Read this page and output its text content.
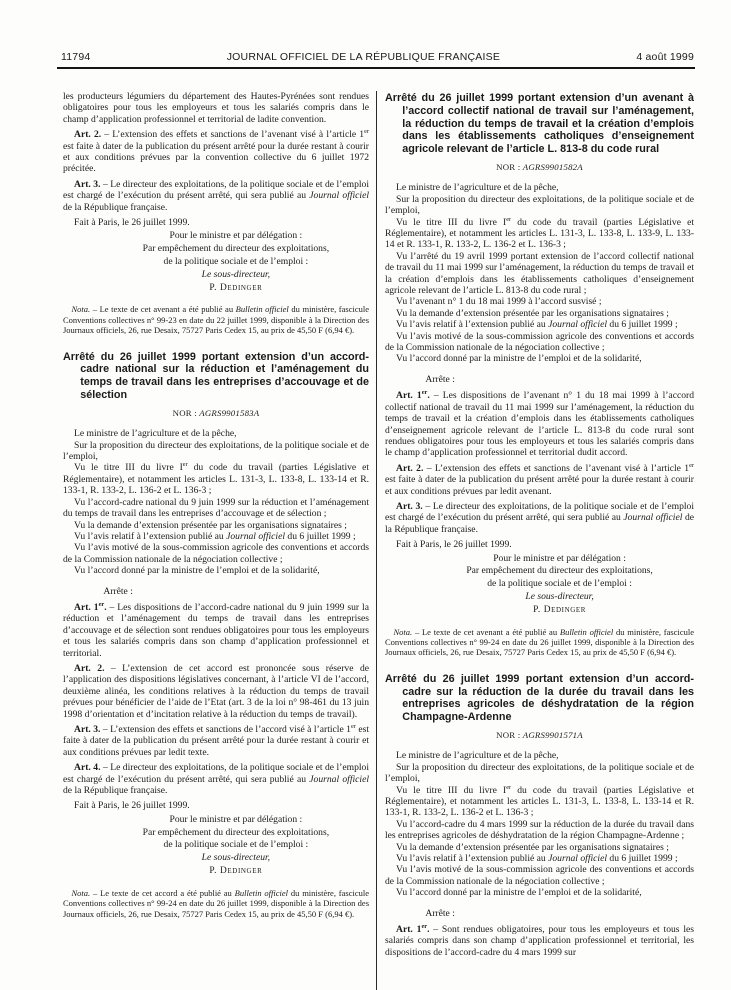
11794	JOURNAL OFFICIEL DE LA RÉPUBLIQUE FRANÇAISE	4 août 1999
les producteurs légumiers du département des Hautes-Pyrénées sont rendues obligatoires pour tous les employeurs et tous les salariés compris dans le champ d’application professionnel et territorial de ladite convention.
Art. 2. – L’extension des effets et sanctions de l’avenant visé à l’article 1er est faite à dater de la publication du présent arrêté pour la durée restant à courir et aux conditions prévues par la convention collective du 6 juillet 1972 précitée.
Art. 3. – Le directeur des exploitations, de la politique sociale et de l’emploi est chargé de l’exécution du présent arrêté, qui sera publié au Journal officiel de la République française.
Fait à Paris, le 26 juillet 1999.
Pour le ministre et par délégation :
Par empêchement du directeur des exploitations,
de la politique sociale et de l’emploi :
Le sous-directeur,
P. Dedinger
Nota. – Le texte de cet avenant a été publié au Bulletin officiel du ministère, fascicule Conventions collectives n° 99-23 en date du 22 juillet 1999, disponible à la Direction des Journaux officiels, 26, rue Desaix, 75727 Paris Cedex 15, au prix de 45,50 F (6,94 €).
Arrêté du 26 juillet 1999 portant extension d’un accord-cadre national sur la réduction et l’aménagement du temps de travail dans les entreprises d’accouvage et de sélection
NOR : AGRS9901583A
Le ministre de l’agriculture et de la pêche,
Sur la proposition du directeur des exploitations, de la politique sociale et de l’emploi,
Vu le titre III du livre Ier du code du travail (parties Législative et Réglementaire), et notamment les articles L. 131-3, L. 133-8, L. 133-14 et R. 133-1, R. 133-2, L. 136-2 et L. 136-3 ;
Vu l’accord-cadre national du 9 juin 1999 sur la réduction et l’aménagement du temps de travail dans les entreprises d’accouvage et de sélection ;
Vu la demande d’extension présentée par les organisations signataires ;
Vu l’avis relatif à l’extension publié au Journal officiel du 6 juillet 1999 ;
Vu l’avis motivé de la sous-commission agricole des conventions et accords de la Commission nationale de la négociation collective ;
Vu l’accord donné par la ministre de l’emploi et de la solidarité,
Arrête :
Art. 1er. – Les dispositions de l’accord-cadre national du 9 juin 1999 sur la réduction et l’aménagement du temps de travail dans les entreprises d’accouvage et de sélection sont rendues obligatoires pour tous les employeurs et tous les salariés compris dans son champ d’application professionnel et territorial.
Art. 2. – L’extension de cet accord est prononcée sous réserve de l’application des dispositions législatives concernant, à l’article VI de l’accord, deuxième alinéa, les conditions relatives à la réduction du temps de travail prévues pour bénéficier de l’aide de l’Etat (art. 3 de la loi n° 98-461 du 13 juin 1998 d’orientation et d’incitation relative à la réduction du temps de travail).
Art. 3. – L’extension des effets et sanctions de l’accord visé à l’article 1er est faite à dater de la publication du présent arrêté pour la durée restant à courir et aux conditions prévues par ledit texte.
Art. 4. – Le directeur des exploitations, de la politique sociale et de l’emploi est chargé de l’exécution du présent arrêté, qui sera publié au Journal officiel de la République française.
Fait à Paris, le 26 juillet 1999.
Pour le ministre et par délégation :
Par empêchement du directeur des exploitations,
de la politique sociale et de l’emploi :
Le sous-directeur,
P. Dedinger
Nota. – Le texte de cet accord a été publié au Bulletin officiel du ministère, fascicule Conventions collectives n° 99-24 en date du 26 juillet 1999, disponible à la Direction des Journaux officiels, 26, rue Desaix, 75727 Paris Cedex 15, au prix de 45,50 F (6,94 €).
Arrêté du 26 juillet 1999 portant extension d’un avenant à l’accord collectif national de travail sur l’aménagement, la réduction du temps de travail et la création d’emplois dans les établissements catholiques d’enseignement agricole relevant de l’article L. 813-8 du code rural
NOR : AGRS9901582A
Le ministre de l’agriculture et de la pêche,
Sur la proposition du directeur des exploitations, de la politique sociale et de l’emploi,
Vu le titre III du livre Ier du code du travail (parties Législative et Réglementaire), et notamment les articles L. 131-3, L. 133-8, L. 133-9, L. 133-14 et R. 133-1, R. 133-2, L. 136-2 et L. 136-3 ;
Vu l’arrêté du 19 avril 1999 portant extension de l’accord collectif national de travail du 11 mai 1999 sur l’aménagement, la réduction du temps de travail et la création d’emplois dans les établissements catholiques d’enseignement agricole relevant de l’article L. 813-8 du code rural ;
Vu l’avenant n° 1 du 18 mai 1999 à l’accord susvisé ;
Vu la demande d’extension présentée par les organisations signataires ;
Vu l’avis relatif à l’extension publié au Journal officiel du 6 juillet 1999 ;
Vu l’avis motivé de la sous-commission agricole des conventions et accords de la Commission nationale de la négociation collective ;
Vu l’accord donné par la ministre de l’emploi et de la solidarité,
Arrête :
Art. 1er. – Les dispositions de l’avenant n° 1 du 18 mai 1999 à l’accord collectif national de travail du 11 mai 1999 sur l’aménagement, la réduction du temps de travail et la création d’emplois dans les établissements catholiques d’enseignement agricole relevant de l’article L. 813-8 du code rural sont rendues obligatoires pour tous les employeurs et tous les salariés compris dans le champ d’application professionnel et territorial dudit accord.
Art. 2. – L’extension des effets et sanctions de l’avenant visé à l’article 1er est faite à dater de la publication du présent arrêté pour la durée restant à courir et aux conditions prévues par ledit avenant.
Art. 3. – Le directeur des exploitations, de la politique sociale et de l’emploi est chargé de l’exécution du présent arrêté, qui sera publié au Journal officiel de la République française.
Fait à Paris, le 26 juillet 1999.
Pour le ministre et par délégation :
Par empêchement du directeur des exploitations,
de la politique sociale et de l’emploi :
Le sous-directeur,
P. Dedinger
Nota. – Le texte de cet avenant a été publié au Bulletin officiel du ministère, fascicule Conventions collectives n° 99-24 en date du 26 juillet 1999, disponible à la Direction des Journaux officiels, 26, rue Desaix, 75727 Paris Cedex 15, au prix de 45,50 F (6,94 €).
Arrêté du 26 juillet 1999 portant extension d’un accord-cadre sur la réduction de la durée du travail dans les entreprises agricoles de déshydratation de la région Champagne-Ardenne
NOR : AGRS9901571A
Le ministre de l’agriculture et de la pêche,
Sur la proposition du directeur des exploitations, de la politique sociale et de l’emploi,
Vu le titre III du livre Ier du code du travail (parties Législative et Réglementaire), et notamment les articles L. 131-3, L. 133-8, L. 133-14 et R. 133-1, R. 133-2, L. 136-2 et L. 136-3 ;
Vu l’accord-cadre du 4 mars 1999 sur la réduction de la durée du travail dans les entreprises agricoles de déshydratation de la région Champagne-Ardenne ;
Vu la demande d’extension présentée par les organisations signataires ;
Vu l’avis relatif à l’extension publié au Journal officiel du 6 juillet 1999 ;
Vu l’avis motivé de la sous-commission agricole des conventions et accords de la Commission nationale de la négociation collective ;
Vu l’accord donné par la ministre de l’emploi et de la solidarité,
Arrête :
Art. 1er. – Sont rendues obligatoires, pour tous les employeurs et tous les salariés compris dans son champ d’application professionnel et territorial, les dispositions de l’accord-cadre du 4 mars 1999 sur
